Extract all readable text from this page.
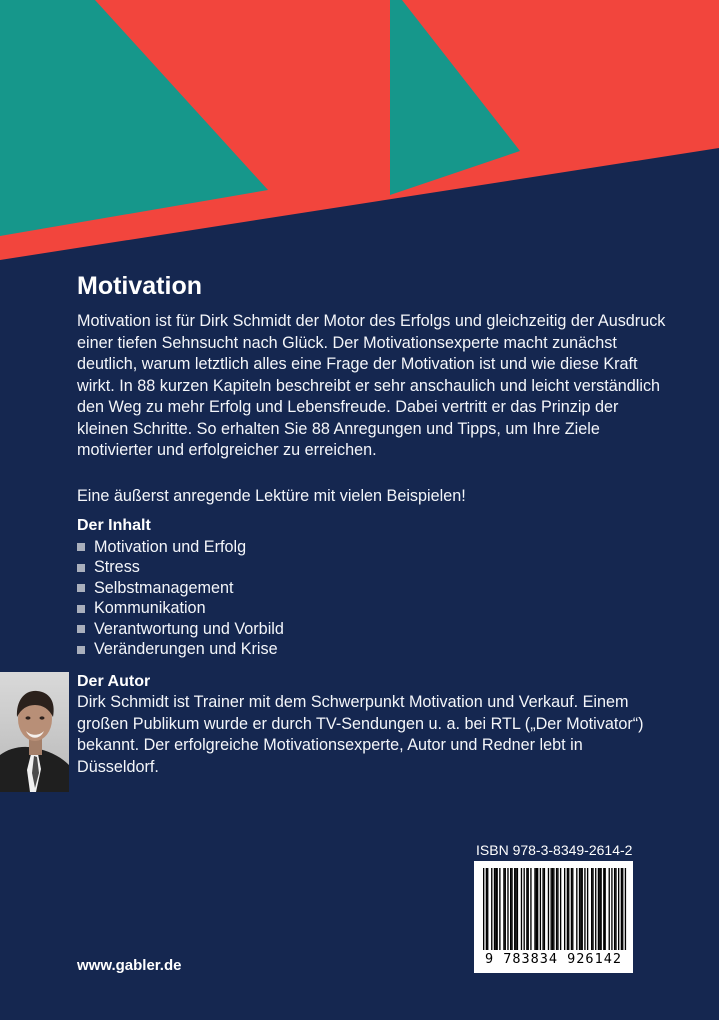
Motivation

Motivation ist für Dirk Schmidt der Motor des Erfolgs und gleichzeitig der Ausdruck einer tiefen Sehnsucht nach Glück. Der Motivationsexperte macht zunächst deutlich, warum letztlich alles eine Frage der Motivation ist und wie diese Kraft wirkt. In 88 kurzen Kapiteln beschreibt er sehr anschaulich und leicht verständlich den Weg zu mehr Erfolg und Lebensfreude. Dabei vertritt er das Prinzip der kleinen Schritte. So erhalten Sie 88 Anregungen und Tipps, um Ihre Ziele motivierter und erfolgreicher zu erreichen.

Eine äußerst anregende Lektüre mit vielen Beispielen!

Der Inhalt
Motivation und Erfolg
Stress
Selbstmanagement
Kommunikation
Verantwortung und Vorbild
Veränderungen und Krise
Der Autor

Dirk Schmidt ist Trainer mit dem Schwerpunkt Motivation und Verkauf. Einem großen Publikum wurde er durch TV-Sendungen u. a. bei RTL („Der Motivator“) bekannt. Der erfolgreiche Motivationsexperte, Autor und Redner lebt in Düsseldorf.

ISBN 978-3-8349-2614-2

9 783834 926142

www.gabler.de
